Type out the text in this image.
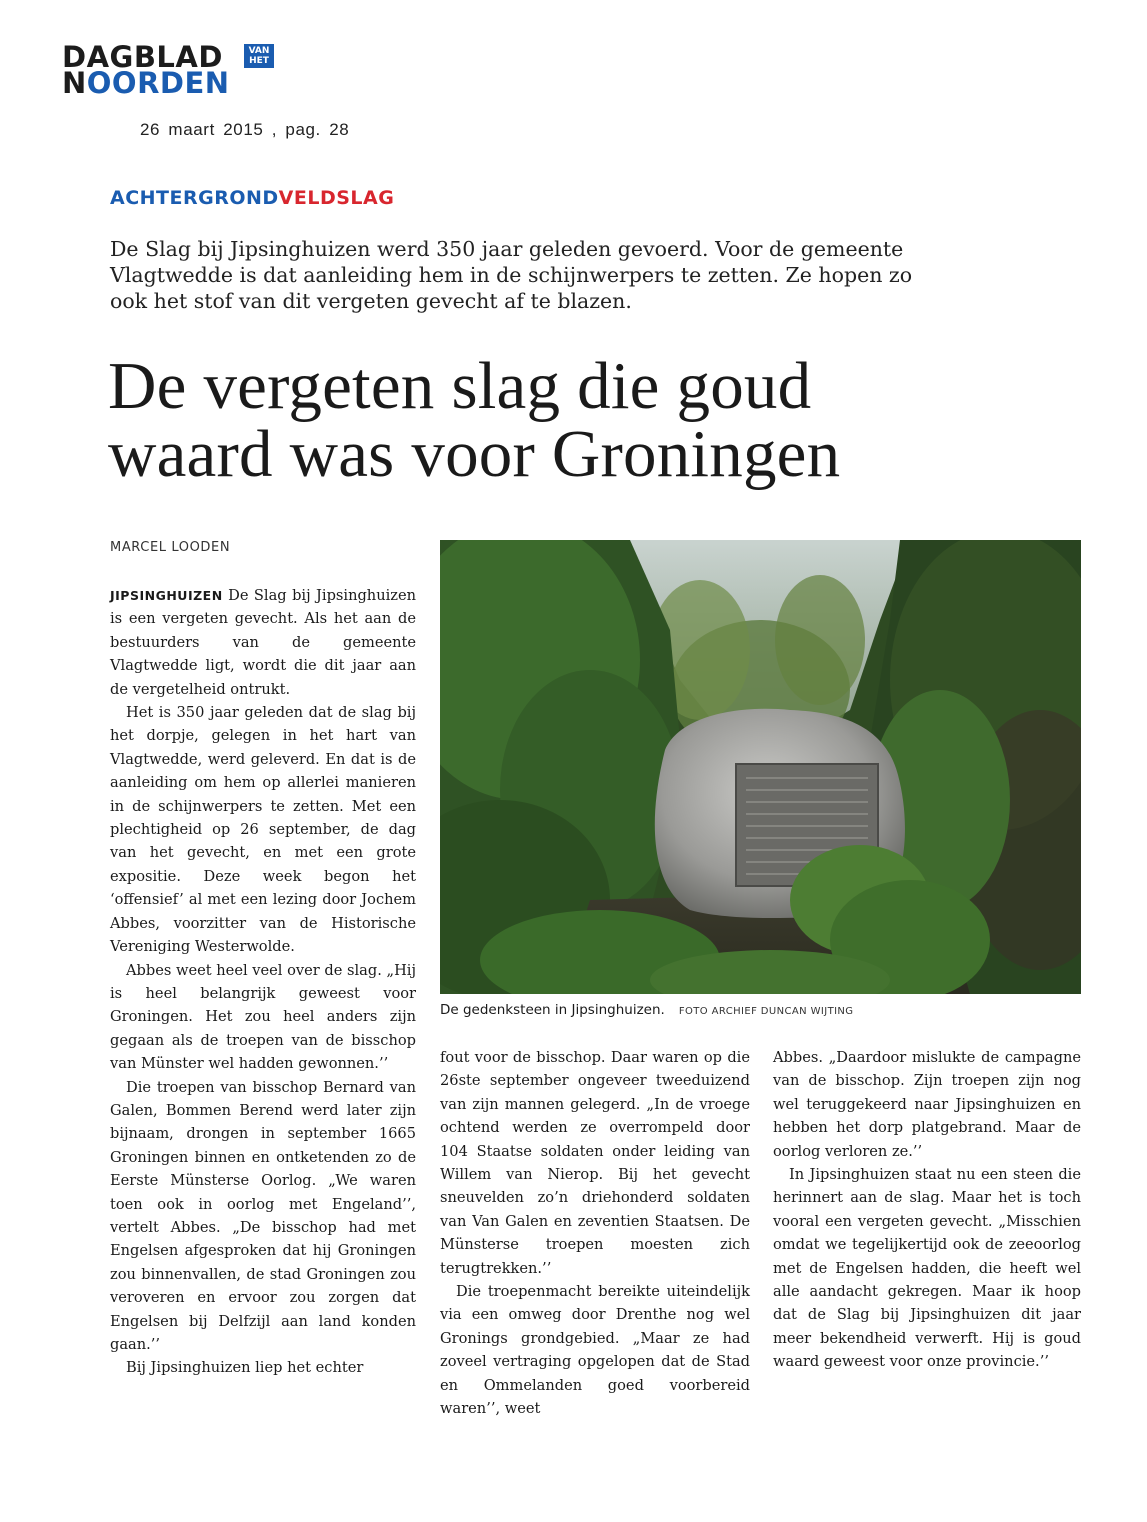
DAGBLAD	VAN
HET
NOORDEN
26 maart 2015 , pag. 28
ACHTERGRONDVELDSLAG
De Slag bij Jipsinghuizen werd 350 jaar geleden gevoerd. Voor de gemeente Vlagtwedde is dat aanleiding hem in de schijnwerpers te zetten. Ze hopen zo ook het stof van dit vergeten gevecht af te blazen.
De vergeten slag die goud
waard was voor Groningen
MARCEL LOODEN

JIPSINGHUIZEN De Slag bij Jipsinghuizen is een vergeten gevecht. Als het aan de bestuurders van de gemeente Vlagtwedde ligt, wordt die dit jaar aan de vergetelheid ontrukt.

Het is 350 jaar geleden dat de slag bij het dorpje, gelegen in het hart van Vlagtwedde, werd geleverd. En dat is de aanleiding om hem op allerlei manieren in de schijnwerpers te zetten. Met een plechtigheid op 26 september, de dag van het gevecht, en met een grote expositie. Deze week begon het ‘offensief’ al met een lezing door Jochem Abbes, voorzitter van de Historische Vereniging Westerwolde.

Abbes weet heel veel over de slag. „Hij is heel belangrijk geweest voor Groningen. Het zou heel anders zijn gegaan als de troepen van de bisschop van Münster wel hadden gewonnen.’’

Die troepen van bisschop Bernard van Galen, Bommen Berend werd later zijn bijnaam, drongen in september 1665 Groningen binnen en ontketenden zo de Eerste Münsterse Oorlog. „We waren toen ook in oorlog met Engeland’’, vertelt Abbes. „De bisschop had met Engelsen afgesproken dat hij Groningen zou binnenvallen, de stad Groningen zou veroveren en ervoor zou zorgen dat Engelsen bij Delfzijl aan land konden gaan.’’

Bij Jipsinghuizen liep het echter

De gedenksteen in Jipsinghuizen. FOTO ARCHIEF DUNCAN WIJTING

fout voor de bisschop. Daar waren op die 26ste september ongeveer tweeduizend van zijn mannen gelegerd. „In de vroege ochtend werden ze overrompeld door 104 Staatse soldaten onder leiding van Willem van Nierop. Bij het gevecht sneuvelden zo’n driehonderd soldaten van Van Galen en zeventien Staatsen. De Münsterse troepen moesten zich terugtrekken.’’

Die troepenmacht bereikte uiteindelijk via een omweg door Drenthe nog wel Gronings grondgebied. „Maar ze had zoveel vertraging opgelopen dat de Stad en Ommelanden goed voorbereid waren’’, weet

Abbes. „Daardoor mislukte de campagne van de bisschop. Zijn troepen zijn nog wel teruggekeerd naar Jipsinghuizen en hebben het dorp platgebrand. Maar de oorlog verloren ze.’’

In Jipsinghuizen staat nu een steen die herinnert aan de slag. Maar het is toch vooral een vergeten gevecht. „Misschien omdat we tegelijkertijd ook de zeeoorlog met de Engelsen hadden, die heeft wel alle aandacht gekregen. Maar ik hoop dat de Slag bij Jipsinghuizen dit jaar meer bekendheid verwerft. Hij is goud waard geweest voor onze provincie.’’
